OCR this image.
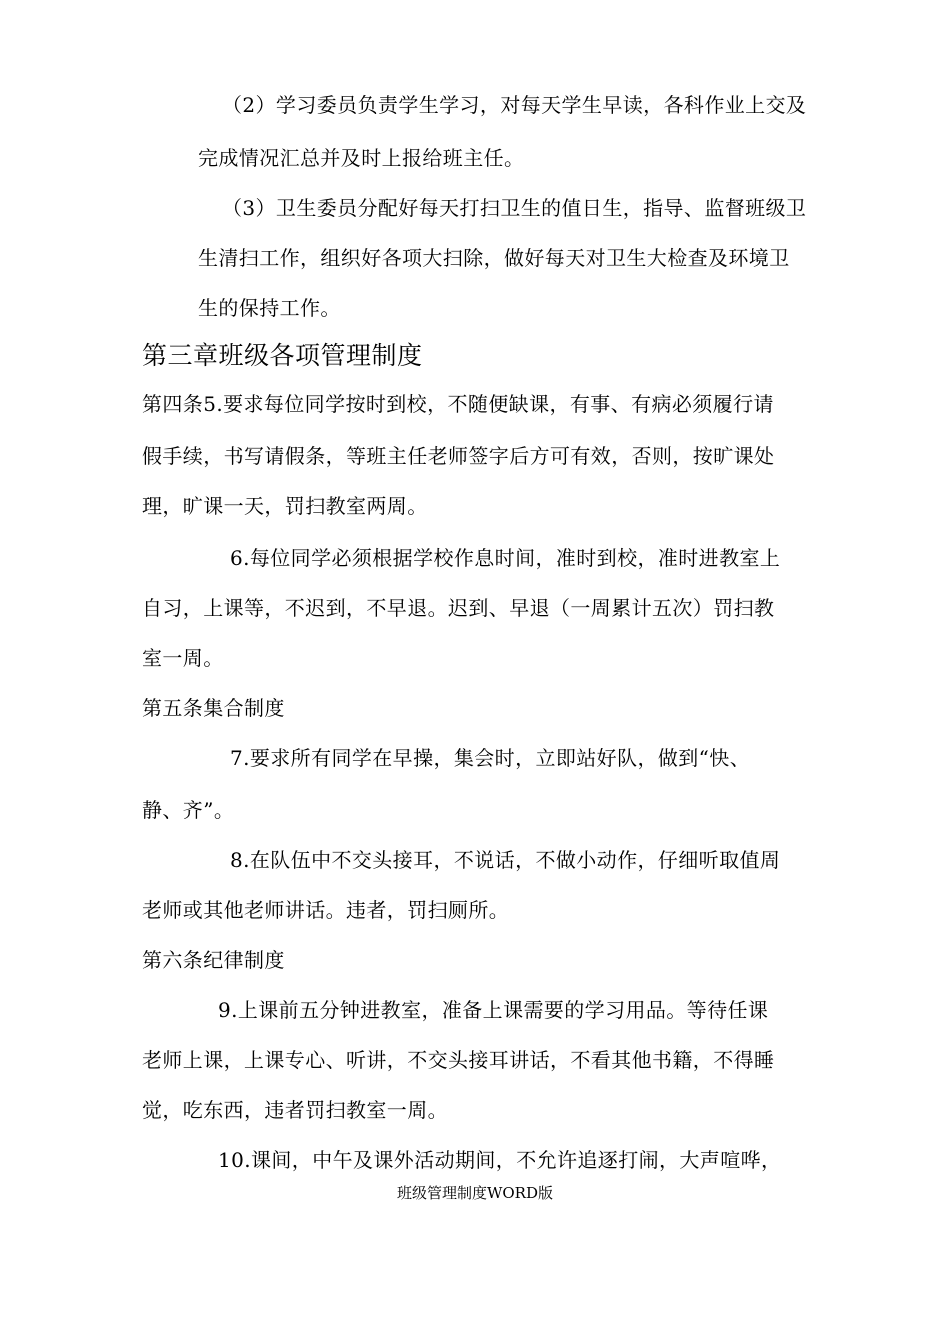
（2）学习委员负责学生学习，对每天学生早读，各科作业上交及
完成情况汇总并及时上报给班主任。
（3）卫生委员分配好每天打扫卫生的值日生，指导、监督班级卫
生清扫工作，组织好各项大扫除，做好每天对卫生大检查及环境卫
生的保持工作。
第三章班级各项管理制度
第四条5.要求每位同学按时到校，不随便缺课，有事、有病必须履行请
假手续，书写请假条，等班主任老师签字后方可有效，否则，按旷课处
理，旷课一天，罚扫教室两周。
6.每位同学必须根据学校作息时间，准时到校，准时进教室上
自习，上课等，不迟到，不早退。迟到、早退（一周累计五次）罚扫教
室一周。
第五条集合制度
7.要求所有同学在早操，集会时，立即站好队，做到“快、
静、齐”。
8.在队伍中不交头接耳，不说话，不做小动作，仔细听取值周
老师或其他老师讲话。违者，罚扫厕所。
第六条纪律制度
9.上课前五分钟进教室，准备上课需要的学习用品。等待任课
老师上课，上课专心、听讲，不交头接耳讲话，不看其他书籍，不得睡
觉，吃东西，违者罚扫教室一周。
10.课间，中午及课外活动期间，不允许追逐打闹，大声喧哗，
班级管理制度WORD版
